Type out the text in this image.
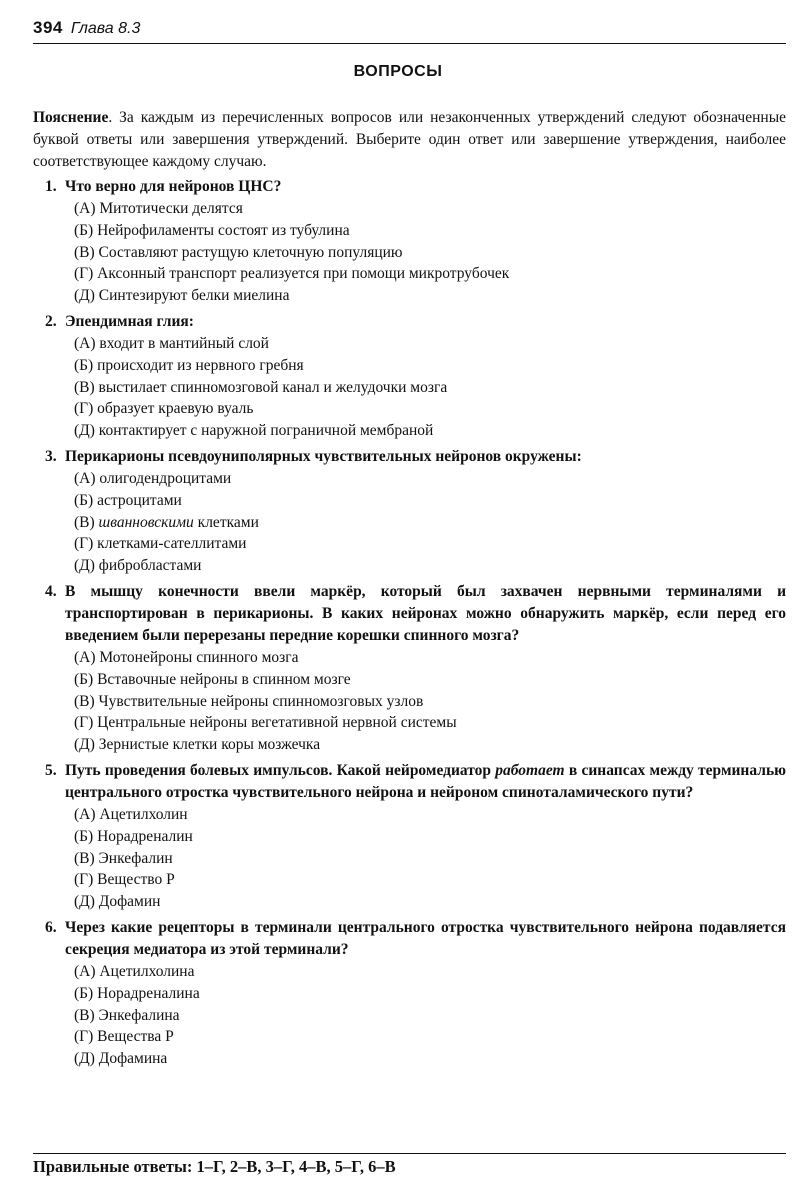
394 Глава 8.3
ВОПРОСЫ
Пояснение. За каждым из перечисленных вопросов или незаконченных утверждений следуют обозначенные буквой ответы или завершения утверждений. Выберите один ответ или завершение утверждения, наиболее соответствующее каждому случаю.
1. Что верно для нейронов ЦНС?
(А) Митотически делятся
(Б) Нейрофиламенты состоят из тубулина
(В) Составляют растущую клеточную популяцию
(Г) Аксонный транспорт реализуется при помощи микротрубочек
(Д) Синтезируют белки миелина
2. Эпендимная глия:
(А) входит в мантийный слой
(Б) происходит из нервного гребня
(В) выстилает спинномозговой канал и желудочки мозга
(Г) образует краевую вуаль
(Д) контактирует с наружной пограничной мембраной
3. Перикарионы псевдоуниполярных чувствительных нейронов окружены:
(А) олигодендроцитами
(Б) астроцитами
(В) шванновскими клетками
(Г) клетками-сателлитами
(Д) фибробластами
4. В мышцу конечности ввели маркёр, который был захвачен нервными терминалями и транспортирован в перикарионы. В каких нейронах можно обнаружить маркёр, если перед его введением были перерезаны передние корешки спинного мозга?
(А) Мотонейроны спинного мозга
(Б) Вставочные нейроны в спинном мозге
(В) Чувствительные нейроны спинномозговых узлов
(Г) Центральные нейроны вегетативной нервной системы
(Д) Зернистые клетки коры мозжечка
5. Путь проведения болевых импульсов. Какой нейромедиатор работает в синапсах между терминалью центрального отростка чувствительного нейрона и нейроном спиноталамического пути?
(А) Ацетилхолин
(Б) Норадреналин
(В) Энкефалин
(Г) Вещество Р
(Д) Дофамин
6. Через какие рецепторы в терминали центрального отростка чувствительного нейрона подавляется секреция медиатора из этой терминали?
(А) Ацетилхолина
(Б) Норадреналина
(В) Энкефалина
(Г) Вещества Р
(Д) Дофамина
Правильные ответы: 1–Г, 2–В, 3–Г, 4–В, 5–Г, 6–В
